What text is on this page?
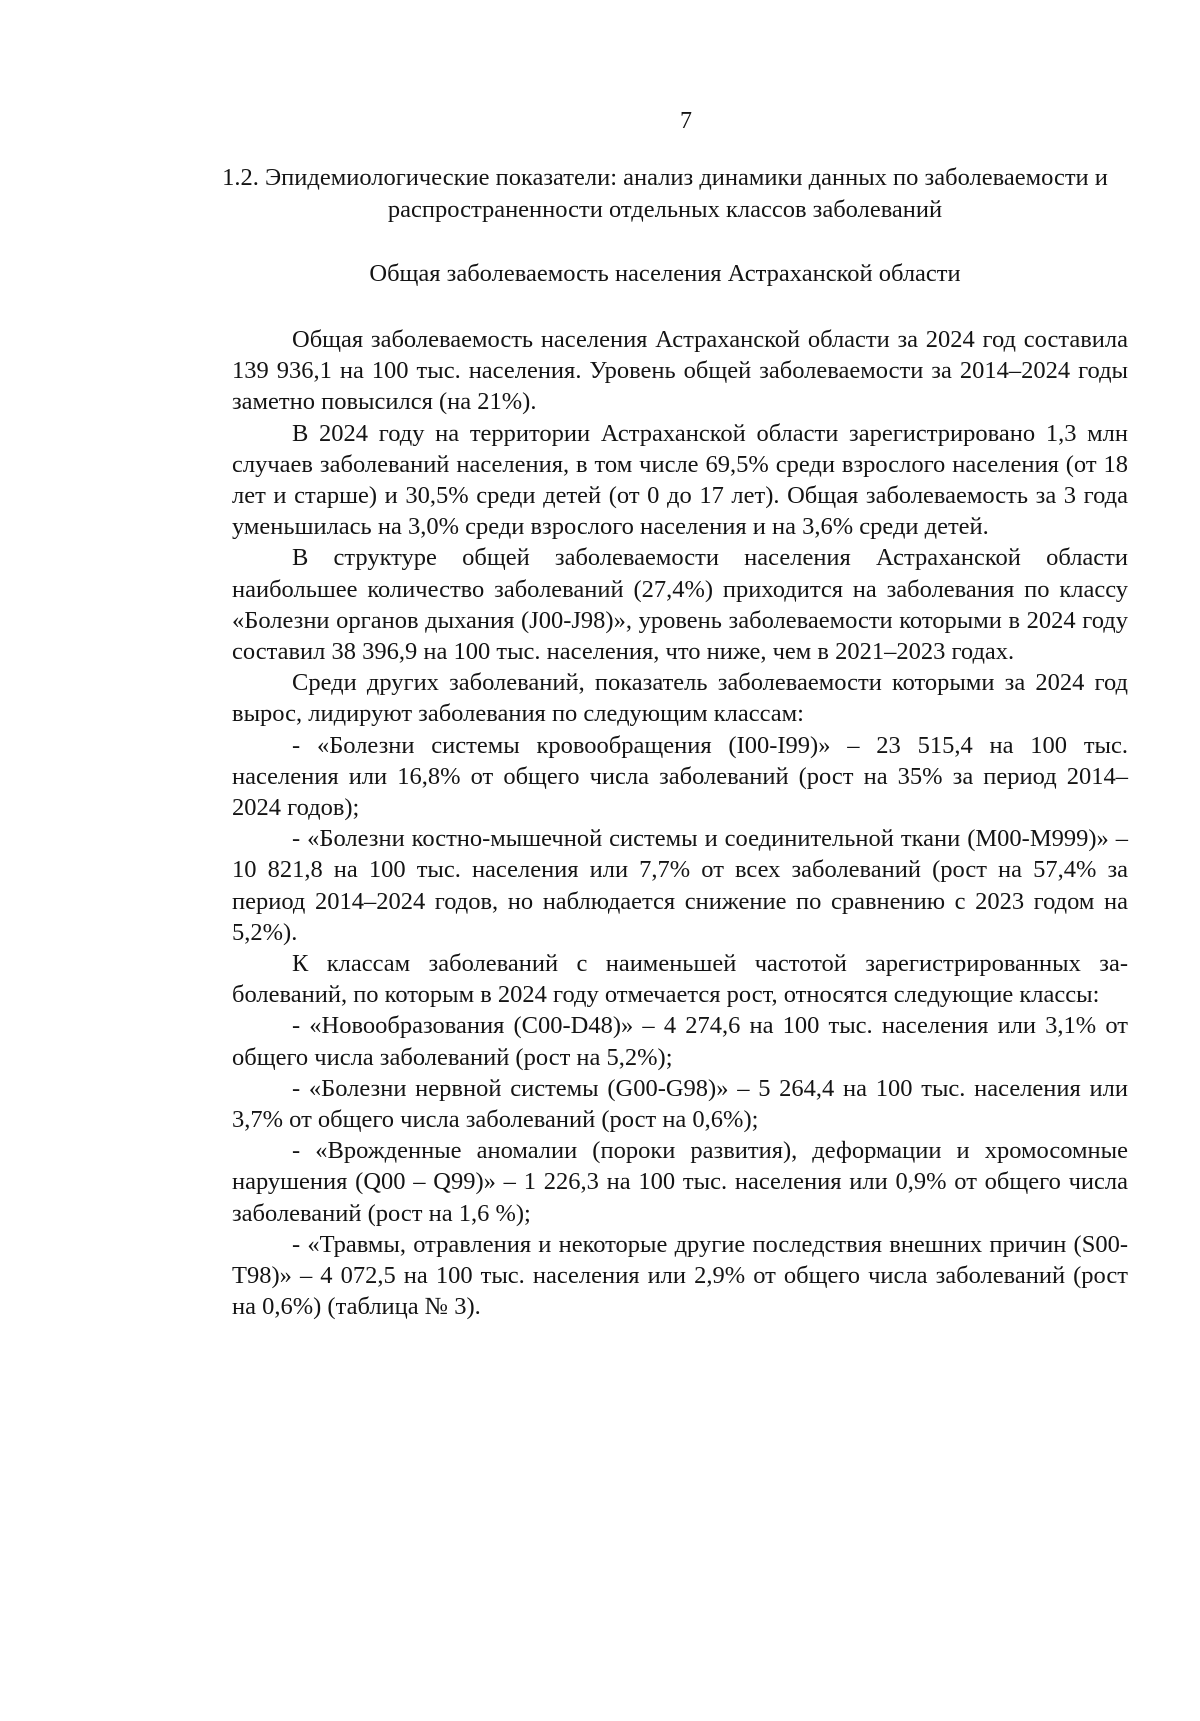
7
1.2. Эпидемиологические показатели: анализ динамики данных по заболеваемости и распространенности отдельных классов заболеваний
Общая заболеваемость населения Астраханской области

Общая заболеваемость населения Астраханской области за 2024 год составила 139 936,1 на 100 тыс. населения. Уровень общей заболеваемости за 2014–2024 годы заметно повысился (на 21%).

В 2024 году на территории Астраханской области зарегистрировано 1,3 млн случаев заболеваний населения, в том числе 69,5% среди взрослого населения (от 18 лет и старше) и 30,5% среди детей (от 0 до 17 лет). Общая заболеваемость за 3 года уменьшилась на 3,0% среди взрослого населения и на 3,6% среди детей.

В структуре общей заболеваемости населения Астраханской области наибольшее количество заболеваний (27,4%) приходится на заболевания по классу «Болезни органов дыхания (J00-J98)», уровень заболеваемости которыми в 2024 году составил 38 396,9 на 100 тыс. населения, что ниже, чем в 2021–2023 годах.

Среди других заболеваний, показатель заболеваемости которыми за 2024 год вырос, лидируют заболевания по следующим классам:

- «Болезни системы кровообращения (I00-I99)» – 23 515,4 на 100 тыс. населения или 16,8% от общего числа заболеваний (рост на 35% за период 2014–2024 годов);

- «Болезни костно-мышечной системы и соединительной ткани (M00-M999)» – 10 821,8 на 100 тыс. населения или 7,7% от всех заболеваний (рост на 57,4% за период 2014–2024 годов, но наблюдается снижение по сравнению с 2023 годом на 5,2%).

К классам заболеваний с наименьшей частотой зарегистрированных заболеваний, по которым в 2024 году отмечается рост, относятся следующие классы:

- «Новообразования (C00-D48)» – 4 274,6 на 100 тыс. населения или 3,1% от общего числа заболеваний (рост на 5,2%);

- «Болезни нервной системы (G00-G98)» – 5 264,4 на 100 тыс. населения или 3,7% от общего числа заболеваний (рост на 0,6%);

- «Врожденные аномалии (пороки развития), деформации и хромосомные нарушения (Q00 – Q99)» – 1 226,3 на 100 тыс. населения или 0,9% от общего числа заболеваний (рост на 1,6 %);

- «Травмы, отравления и некоторые другие последствия внешних причин (S00-T98)» – 4 072,5 на 100 тыс. населения или 2,9% от общего числа заболеваний (рост на 0,6%) (таблица № 3).
